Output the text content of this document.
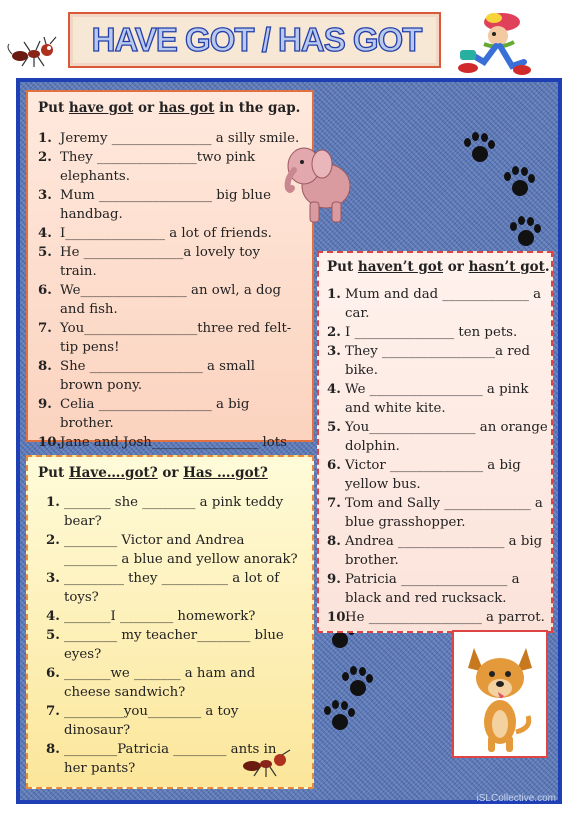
HAVE GOT / HAS GOT
Put have got or has got in the gap.
1. Jeremy _______________ a silly smile.
2. They _______________two pink elephants.
3. Mum _________________ big blue handbag.
4. I_______________ a lot of friends.
5. He _______________a lovely toy train.
6. We________________ an owl, a dog and fish.
7. You_________________three red felt-tip pens!
8. She _________________ a small brown pony.
9. Celia _________________ a big brother.
10.
Jane and Josh________________ lots
Put haven’t got or hasn’t got.
1. Mum and dad _____________ a car.
2. I _______________ ten pets.
3. They _________________a red bike.
4. We _________________ a pink and white kite.
5. You________________ an orange dolphin.
6. Victor ______________ a big yellow bus.
7. Tom and Sally _____________ a blue grasshopper.
8. Andrea ________________ a big brother.
9. Patricia ________________ a black and red rucksack.
10.
He _________________ a parrot.
Put Have….got? or Has ….got?
1. _______ she ________ a pink teddy bear?
2. ________ Victor and Andrea ________ a blue and yellow anorak?
3. _________ they __________ a lot of toys?
4. _______I ________ homework?
5. ________ my teacher________ blue eyes?
6. _______we _______ a ham and cheese sandwich?
7. _________you________ a toy dinosaur?
8. ________Patricia ________ ants in her pants?
iSLCollective.com
